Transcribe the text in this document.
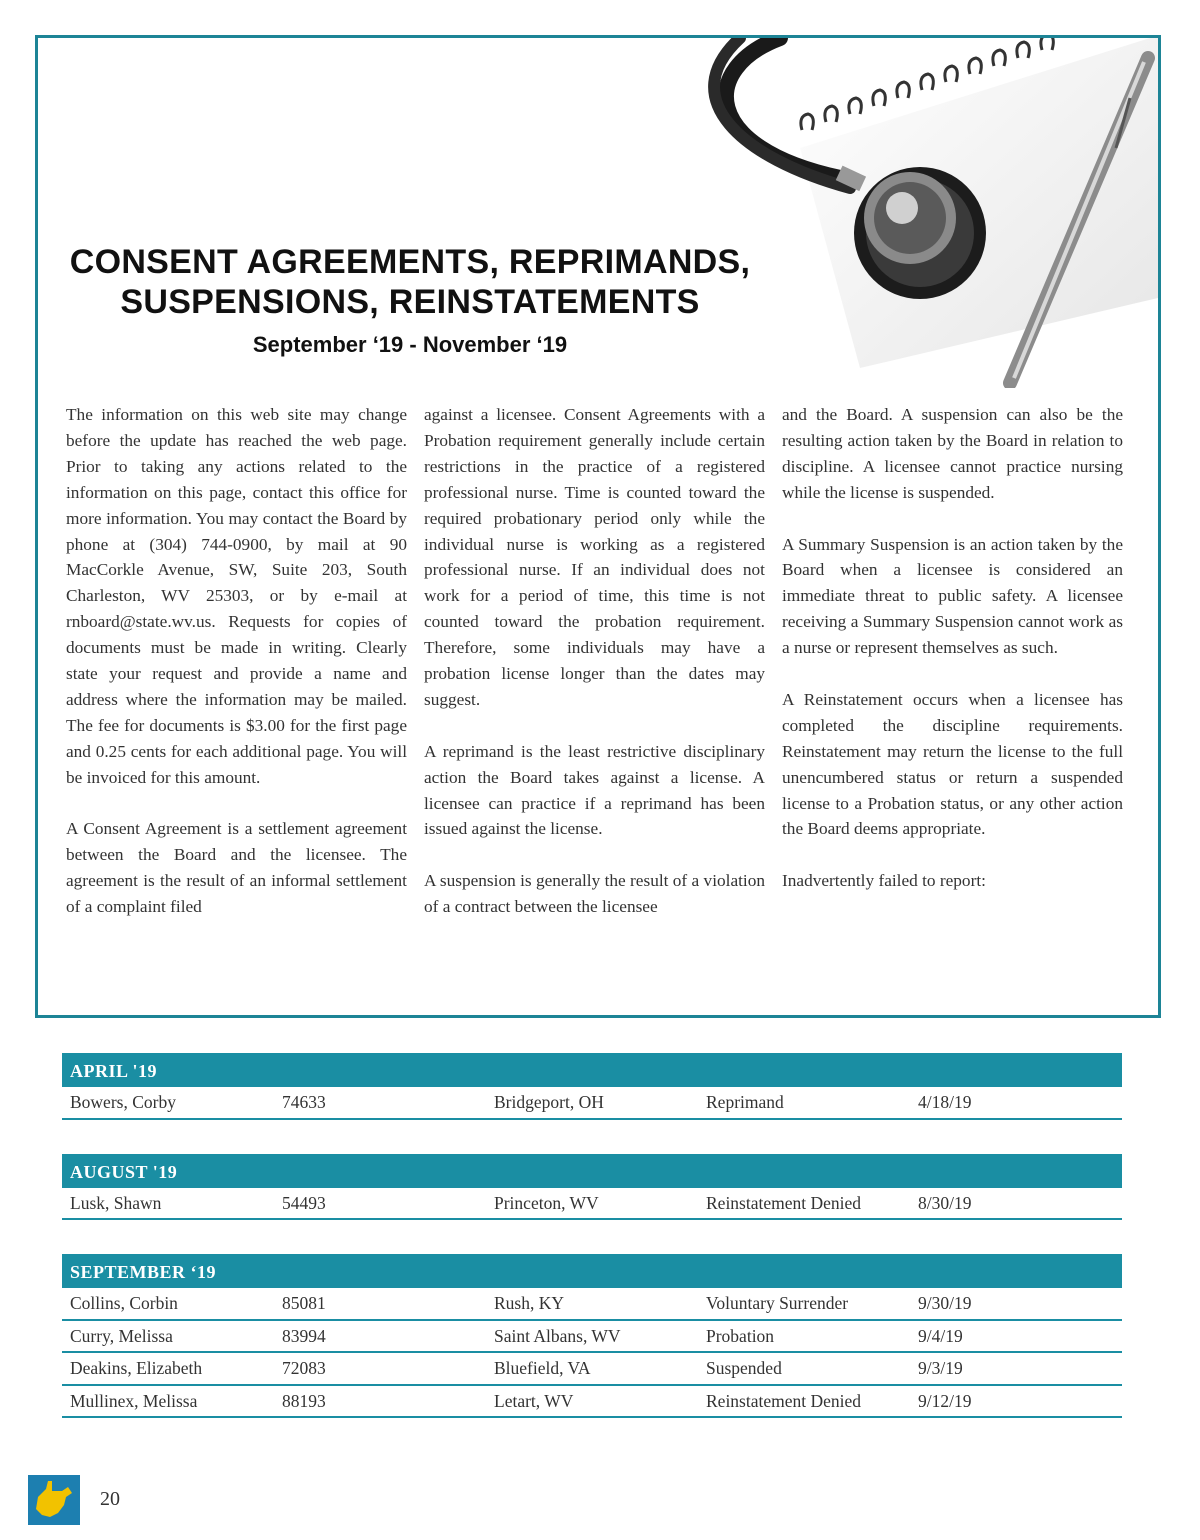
CONSENT AGREEMENTS, REPRIMANDS,
SUSPENSIONS, REINSTATEMENTS
September ‘19 - November ‘19

The information on this web site may change before the update has reached the web page. Prior to taking any actions related to the information on this page, contact this office for more information. You may contact the Board by phone at (304) 744-0900, by mail at 90 MacCorkle Avenue, SW, Suite 203, South Charleston, WV 25303, or by e-mail at rnboard@state.wv.us. Requests for copies of documents must be made in writing. Clearly state your request and provide a name and address where the information may be mailed. The fee for documents is $3.00 for the first page and 0.25 cents for each additional page. You will be invoiced for this amount.

A Consent Agreement is a settlement agreement between the Board and the licensee. The agreement is the result of an informal settlement of a complaint filed

against a licensee. Consent Agreements with a Probation requirement generally include certain restrictions in the practice of a registered professional nurse. Time is counted toward the required probationary period only while the individual nurse is working as a registered professional nurse. If an individual does not work for a period of time, this time is not counted toward the probation requirement. Therefore, some individuals may have a probation license longer than the dates may suggest.

A reprimand is the least restrictive disciplinary action the Board takes against a license. A licensee can practice if a reprimand has been issued against the license.

A suspension is generally the result of a violation of a contract between the licensee

and the Board. A suspension can also be the resulting action taken by the Board in relation to discipline. A licensee cannot practice nursing while the license is suspended.

A Summary Suspension is an action taken by the Board when a licensee is considered an immediate threat to public safety. A licensee receiving a Summary Suspension cannot work as a nurse or represent themselves as such.

A Reinstatement occurs when a licensee has completed the discipline requirements. Reinstatement may return the license to the full unencumbered status or return a suspended license to a Probation status, or any other action the Board deems appropriate.

Inadvertently failed to report:

APRIL '19
Bowers, Corby	74633	Bridgeport, OH	Reprimand	4/18/19
AUGUST '19
Lusk, Shawn	54493	Princeton, WV	Reinstatement Denied	8/30/19
SEPTEMBER ‘19
Collins, Corbin	85081	Rush, KY	Voluntary Surrender	9/30/19
Curry, Melissa	83994	Saint Albans, WV	Probation	9/4/19
Deakins, Elizabeth	72083	Bluefield, VA	Suspended	9/3/19
Mullinex, Melissa	88193	Letart, WV	Reinstatement Denied	9/12/19
20
